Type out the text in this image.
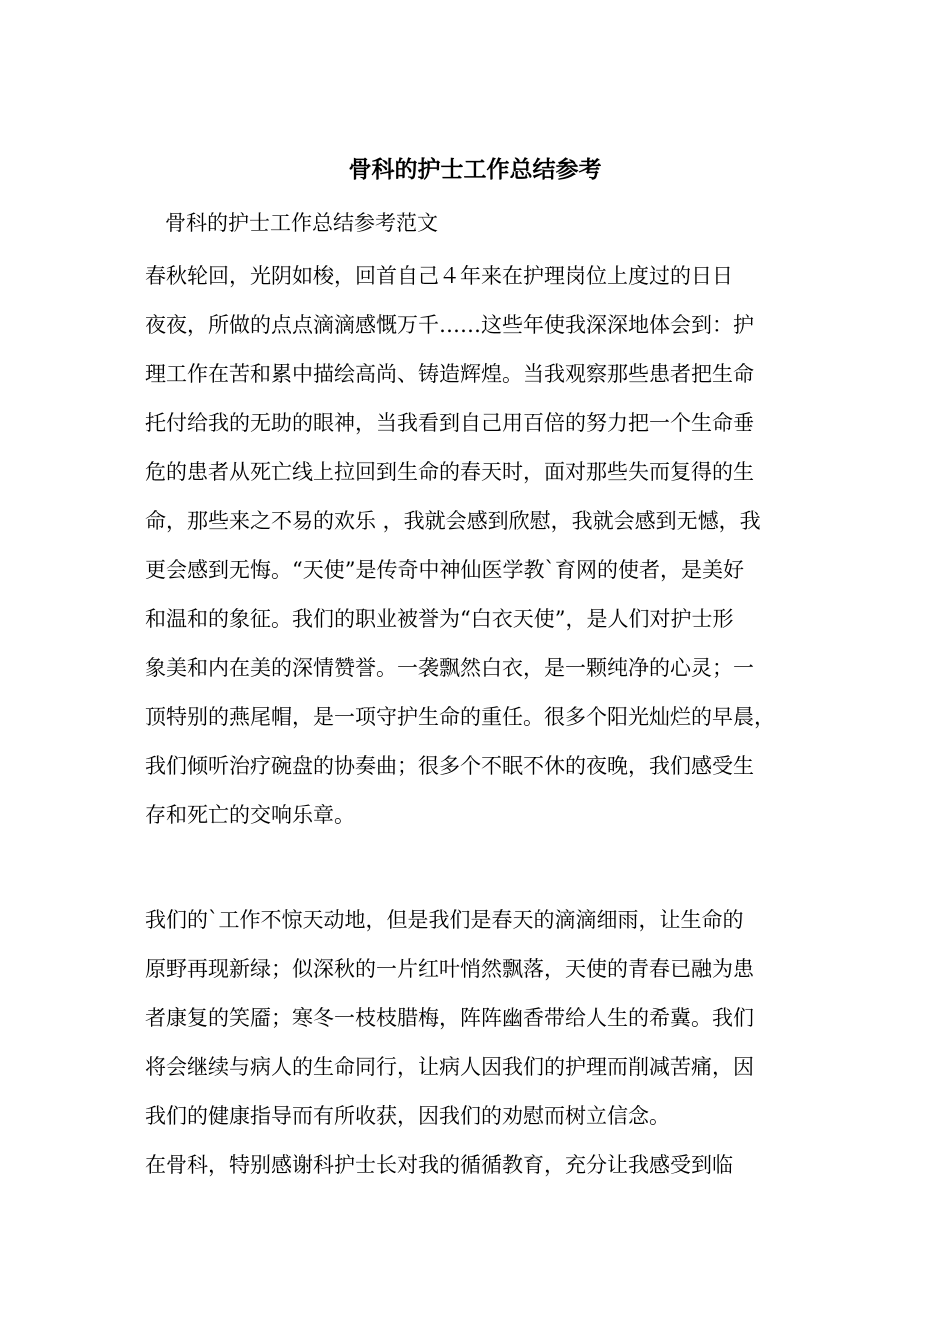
骨科的护士工作总结参考

骨科的护士工作总结参考范文

春秋轮回，光阴如梭，回首自己４年来在护理岗位上度过的日日

夜夜，所做的点点滴滴感慨万千……这些年使我深深地体会到：护

理工作在苦和累中描绘高尚、铸造辉煌。当我观察那些患者把生命

托付给我的无助的眼神，当我看到自己用百倍的努力把一个生命垂

危的患者从死亡线上拉回到生命的春天时，面对那些失而复得的生

命，那些来之不易的欢乐 ，我就会感到欣慰，我就会感到无憾，我

更会感到无悔。“天使”是传奇中神仙医学教`育网的使者，是美好

和温和的象征。我们的职业被誉为“白衣天使”，是人们对护士形

象美和内在美的深情赞誉。一袭飘然白衣，是一颗纯净的心灵；一

顶特别的燕尾帽，是一项守护生命的重任。很多个阳光灿烂的早晨，

我们倾听治疗碗盘的协奏曲；很多个不眠不休的夜晚，我们感受生

存和死亡的交响乐章。

我们的`工作不惊天动地，但是我们是春天的滴滴细雨，让生命的

原野再现新绿；似深秋的一片红叶悄然飘落，天使的青春已融为患

者康复的笑靥；寒冬一枝枝腊梅，阵阵幽香带给人生的希冀。我们

将会继续与病人的生命同行，让病人因我们的护理而削减苦痛，因

我们的健康指导而有所收获，因我们的劝慰而树立信念。

在骨科，特别感谢科护士长对我的循循教育，充分让我感受到临
